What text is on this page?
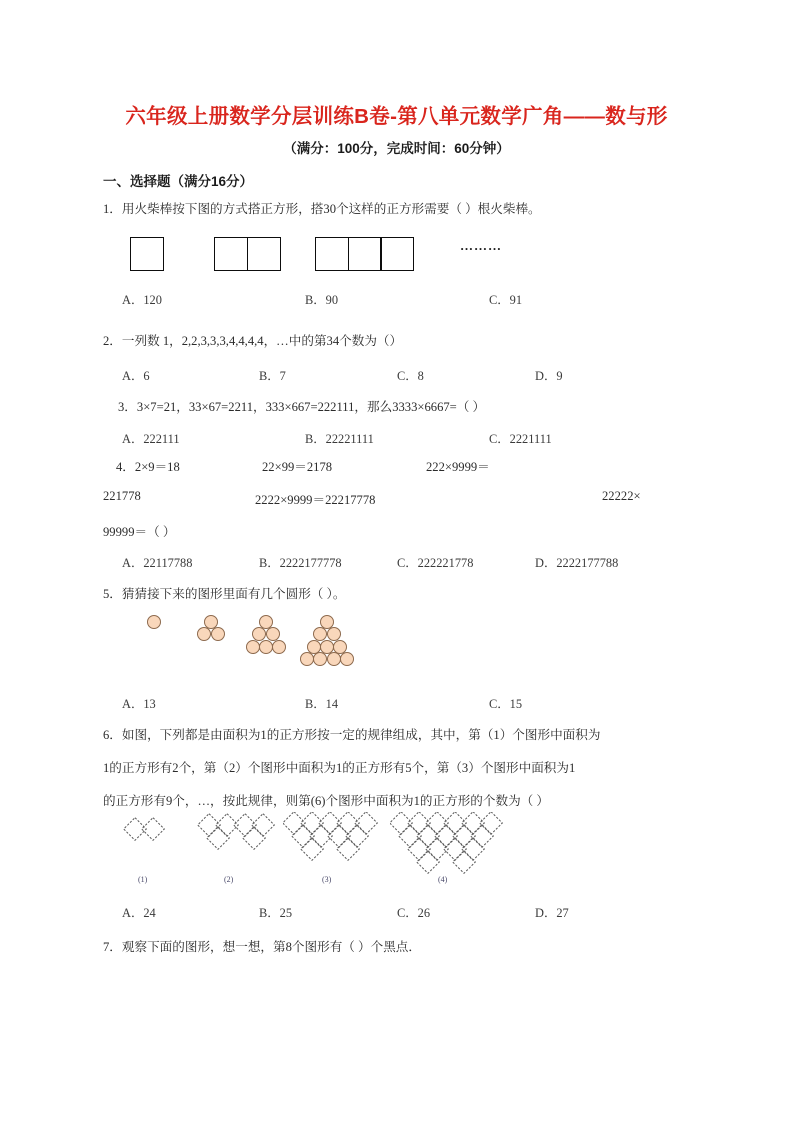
六年级上册数学分层训练B卷-第八单元数学广角——数与形
（满分：100分，完成时间：60分钟）
一、选择题（满分16分）
1．用火柴棒按下图的方式搭正方形，搭30个这样的正方形需要（ ）根火柴棒。
………
A．120	B．90	C．91
2．一列数 1，2,2,3,3,3,4,4,4,4，…中的第34个数为（）
A．6	B．7	C．8	D．9
3．3×7=21，33×67=2211，333×667=222111，那么3333×6667=（ ）
A．222111	B．22221111	C．2221111
4．2×9＝18	22×99＝2178	222×9999＝
221778	2222×9999＝22217778	22222×
99999＝（ ）
A．22117788	B．2222177778	C．222221778	D．2222177788
5．猜猜接下来的图形里面有几个圆形（ ）。
A．13	B．14	C．15
6．如图，下列都是由面积为1的正方形按一定的规律组成，其中，第（1）个图形中面积为
1的正方形有2个，第（2）个图形中面积为1的正方形有5个，第（3）个图形中面积为1
的正方形有9个，…，按此规律，则第(6)个图形中面积为1的正方形的个数为（ ）
(1)	(2)	(3)	(4)
A．24	B．25	C．26	D．27
7．观察下面的图形，想一想，第8个图形有（ ）个黑点．
